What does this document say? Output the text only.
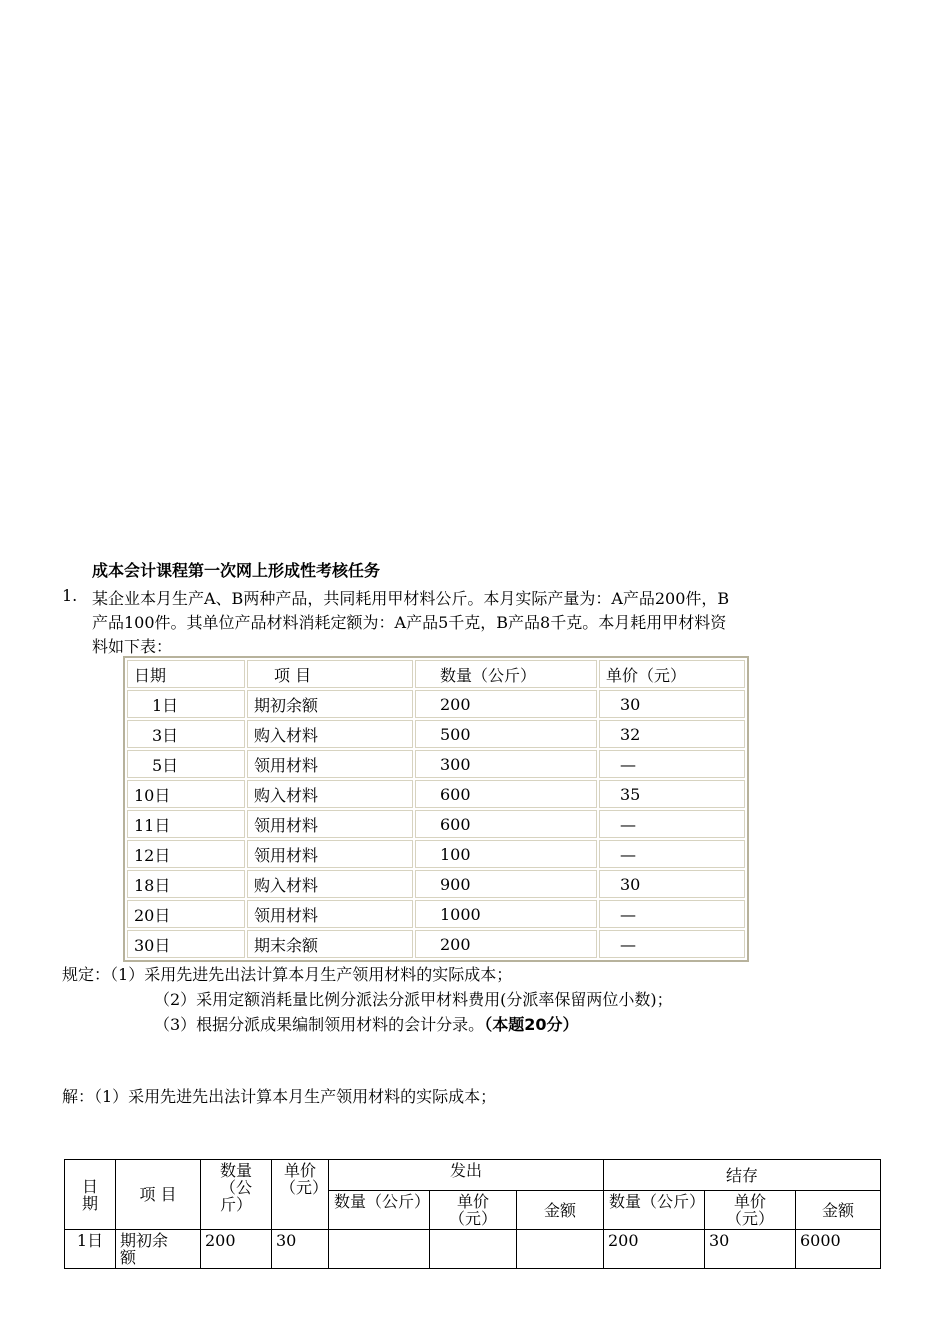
成本会计课程第一次网上形成性考核任务
1. 某企业本月生产A、B两种产品，共同耗用甲材料公斤。本月实际产量为：A产品200件，B
产品100件。其单位产品材料消耗定额为：A产品5千克，B产品8千克。本月耗用甲材料资
料如下表：
日期	项 目	数量（公斤）	单价（元）
1日	期初余额	200	30
3日	购入材料	500	32
5日	领用材料	300	—
10日	购入材料	600	35
11日	领用材料	600	—
12日	领用材料	100	—
18日	购入材料	900	30
20日	领用材料	1000	—
30日	期末余额	200	—
规定：（1）采用先进先出法计算本月生产领用材料的实际成本；
（2）采用定额消耗量比例分派法分派甲材料费用(分派率保留两位小数)；
（3）根据分派成果编制领用材料的会计分录。（本题20分）
解：（1）采用先进先出法计算本月生产领用材料的实际成本；
日期	项 目	数量（公斤）	单价（元）	发出			结存		
				数量（公斤）	单价（元）	金额	数量（公斤）	单价（元）	金额
1日	期初余额	200	30				200	30	6000
